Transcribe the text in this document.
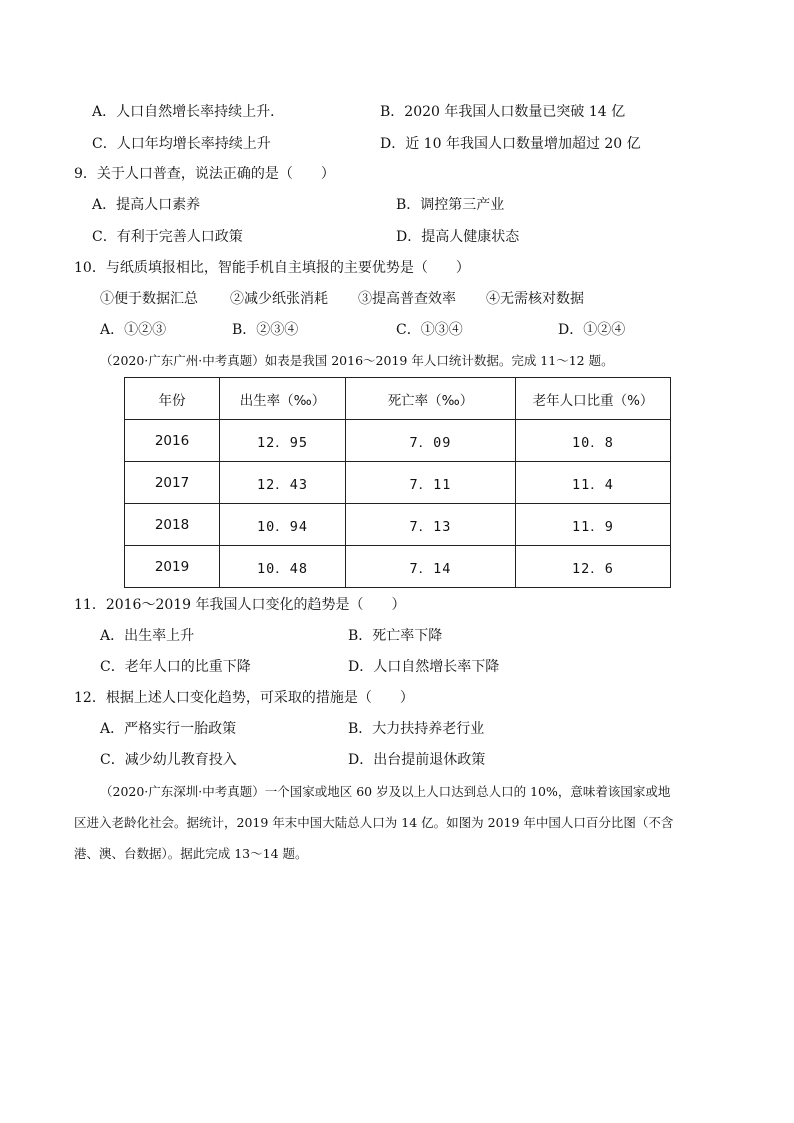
A．人口自然增长率持续上升．	B．2020 年我国人口数量已突破 14 亿
C．人口年均增长率持续上升	D．近 10 年我国人口数量增加超过 20 亿
9．关于人口普查，说法正确的是（　　）
A．提高人口素养	B．调控第三产业
C．有利于完善人口政策	D．提高人健康状态
10．与纸质填报相比，智能手机自主填报的主要优势是（　　）
①便于数据汇总 ②减少纸张消耗 ③提高普查效率 ④无需核对数据
A．①②③	B．②③④	C．①③④	D．①②④
（2020·广东广州·中考真题）如表是我国 2016～2019 年人口统计数据。完成 11～12 题。
年份	出生率（‰）	死亡率（‰）	老年人口比重（%）
2016	12．95	7．09	10．8
2017	12．43	7．11	11．4
2018	10．94	7．13	11．9
2019	10．48	7．14	12．6
11．2016～2019 年我国人口变化的趋势是（　　）
A．出生率上升	B．死亡率下降
C．老年人口的比重下降	D．人口自然增长率下降
12．根据上述人口变化趋势，可采取的措施是（　　）
A．严格实行一胎政策	B．大力扶持养老行业
C．减少幼儿教育投入	D．出台提前退休政策
（2020·广东深圳·中考真题）一个国家或地区 60 岁及以上人口达到总人口的 10%，意味着该国家或地
区进入老龄化社会。据统计，2019 年末中国大陆总人口为 14 亿。如图为 2019 年中国人口百分比图（不含
港、澳、台数据）。据此完成 13～14 题。
